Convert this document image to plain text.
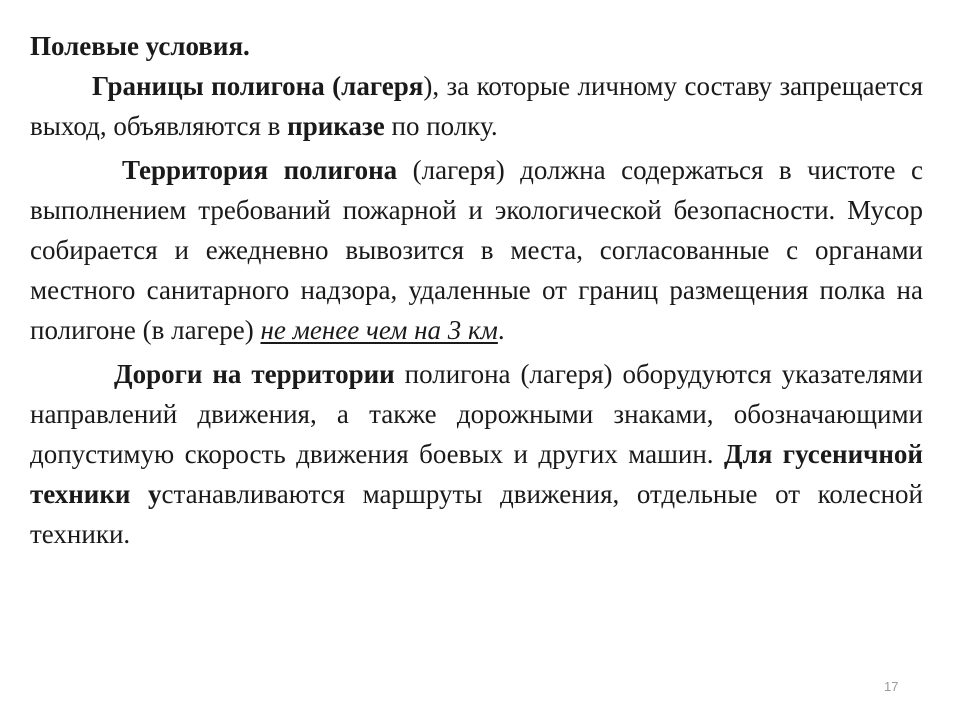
Полевые условия.

Границы полигона (лагеря), за которые личному составу запрещается выход, объявляются в приказе по полку.

Территория полигона (лагеря) должна содержаться в чистоте с выполнением требований пожарной и экологической безопасности. Мусор собирается и ежедневно вывозится в места, согласованные с органами местного санитарного надзора, удаленные от границ размещения полка на полигоне (в лагере) не менее чем на 3 км.

Дороги на территории полигона (лагеря) оборудуются указателями направлений движения, а также дорожными знаками, обозначающими допустимую скорость движения боевых и других машин. Для гусеничной техники устанавливаются маршруты движения, отдельные от колесной техники.

17
